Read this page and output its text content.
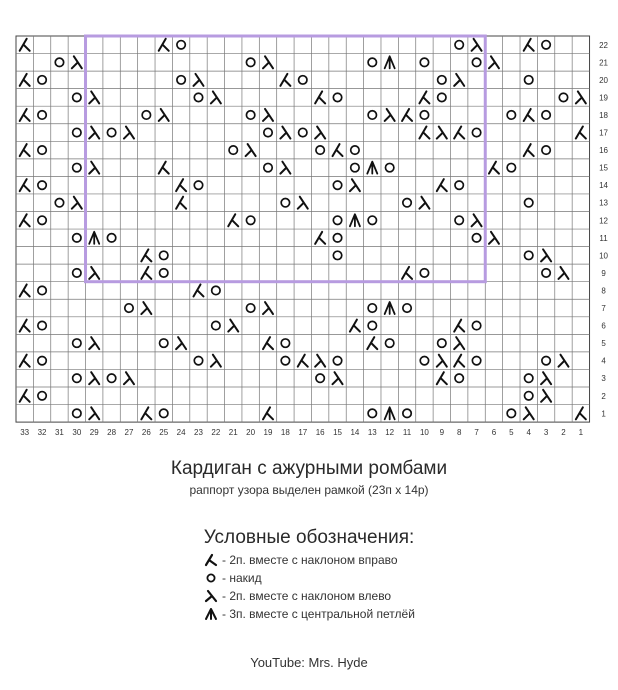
33 32 31 30 29 28 27 26 25 24 23 22 21 20 19 18 17 16 15 14 13 12 11 10 9 8 7 6 5 4 3 2 1
22
21
20
19
18
17
16
15
14
13
12
11
10
9
8
7
6
5
4
3
2
1
Кардиган с ажурными ромбами
раппорт узора выделен рамкой (23п х 14р)
Условные обозначения:
- 2п. вместе с наклоном вправо
- накид
- 2п. вместе с наклоном влево
- 3п. вместе с центральной петлёй
YouTube: Mrs. Hyde
